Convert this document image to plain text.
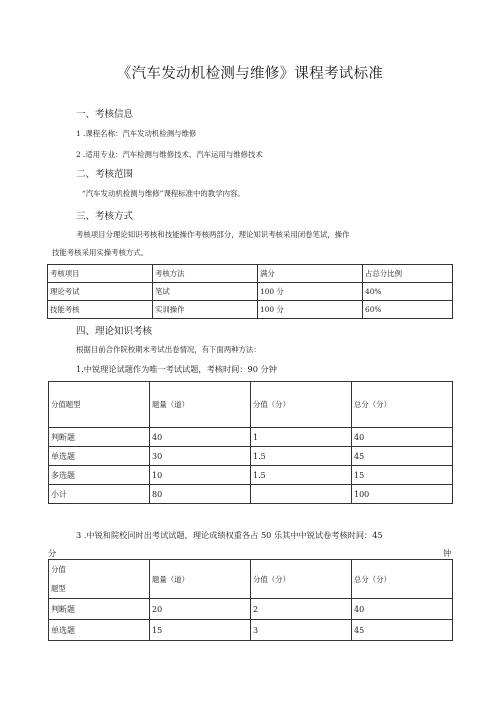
《汽车发动机检测与维修》课程考试标准
一、考核信息
1 .课程名称：汽车发动机检测与维修
2 .适用专业：汽车检测与维修技术、汽车运用与维修技术
二、考核范围
“汽车发动机检测与维修”课程标准中的教学内容。
三、考核方式
考核项目分理论知识考核和技能操作考核两部分，理论知识考核采用闭卷笔试，操作
技能考核采用实操考核方式。
考核项目	考核方法	满分	占总分比例
理论考试	笔试	100 分	40%
技能考核	实训操作	100 分	60%
四、理论知识考核
根据目前合作院校期末考试出卷情况，有下面两种方法：
1.中锐理论试题作为唯一考试试题，考核时间：90 分钟
分值题型	题量（道）	分值（分）	总分（分）
判断题	40	1	40
单选题	30	1.5	45
多选题	10	1.5	15
小计	80		100
3 .中锐和院校同时出考试试题，理论成绩权重各占 50 乐其中中锐试卷考核时间：45
分	钟
分值
题型	题量（道）	分值（分）	总分（分）
判断题	20	2	40
单选题	15	3	45
